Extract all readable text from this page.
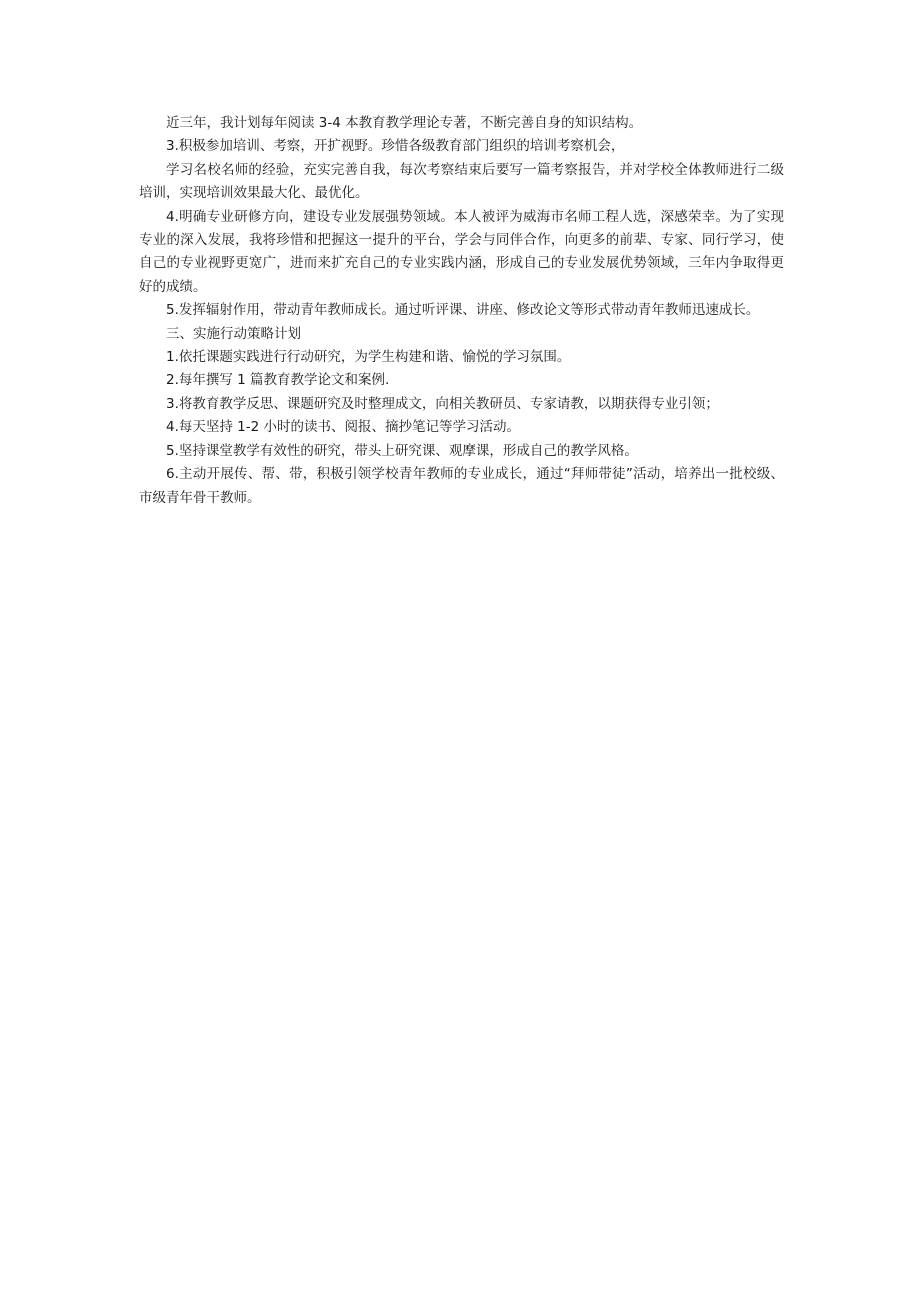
近三年，我计划每年阅读 3-4 本教育教学理论专著，不断完善自身的知识结构。

3.积极参加培训、考察，开扩视野。珍惜各级教育部门组织的培训考察机会，

学习名校名师的经验，充实完善自我，每次考察结束后要写一篇考察报告，并对学校全体教师进行二级培训，实现培训效果最大化、最优化。

4.明确专业研修方向，建设专业发展强势领域。本人被评为威海市名师工程人选，深感荣幸。为了实现专业的深入发展，我将珍惜和把握这一提升的平台，学会与同伴合作，向更多的前辈、专家、同行学习，使自己的专业视野更宽广，进而来扩充自己的专业实践内涵，形成自己的专业发展优势领域，三年内争取得更好的成绩。

5.发挥辐射作用，带动青年教师成长。通过听评课、讲座、修改论文等形式带动青年教师迅速成长。

三、实施行动策略计划

1.依托课题实践进行行动研究，为学生构建和谐、愉悦的学习氛围。

2.每年撰写 1 篇教育教学论文和案例.

3.将教育教学反思、课题研究及时整理成文，向相关教研员、专家请教，以期获得专业引领；

4.每天坚持 1-2 小时的读书、阅报、摘抄笔记等学习活动。

5.坚持课堂教学有效性的研究，带头上研究课、观摩课，形成自己的教学风格。

6.主动开展传、帮、带，积极引领学校青年教师的专业成长，通过“拜师带徒”活动，培养出一批校级、市级青年骨干教师。
